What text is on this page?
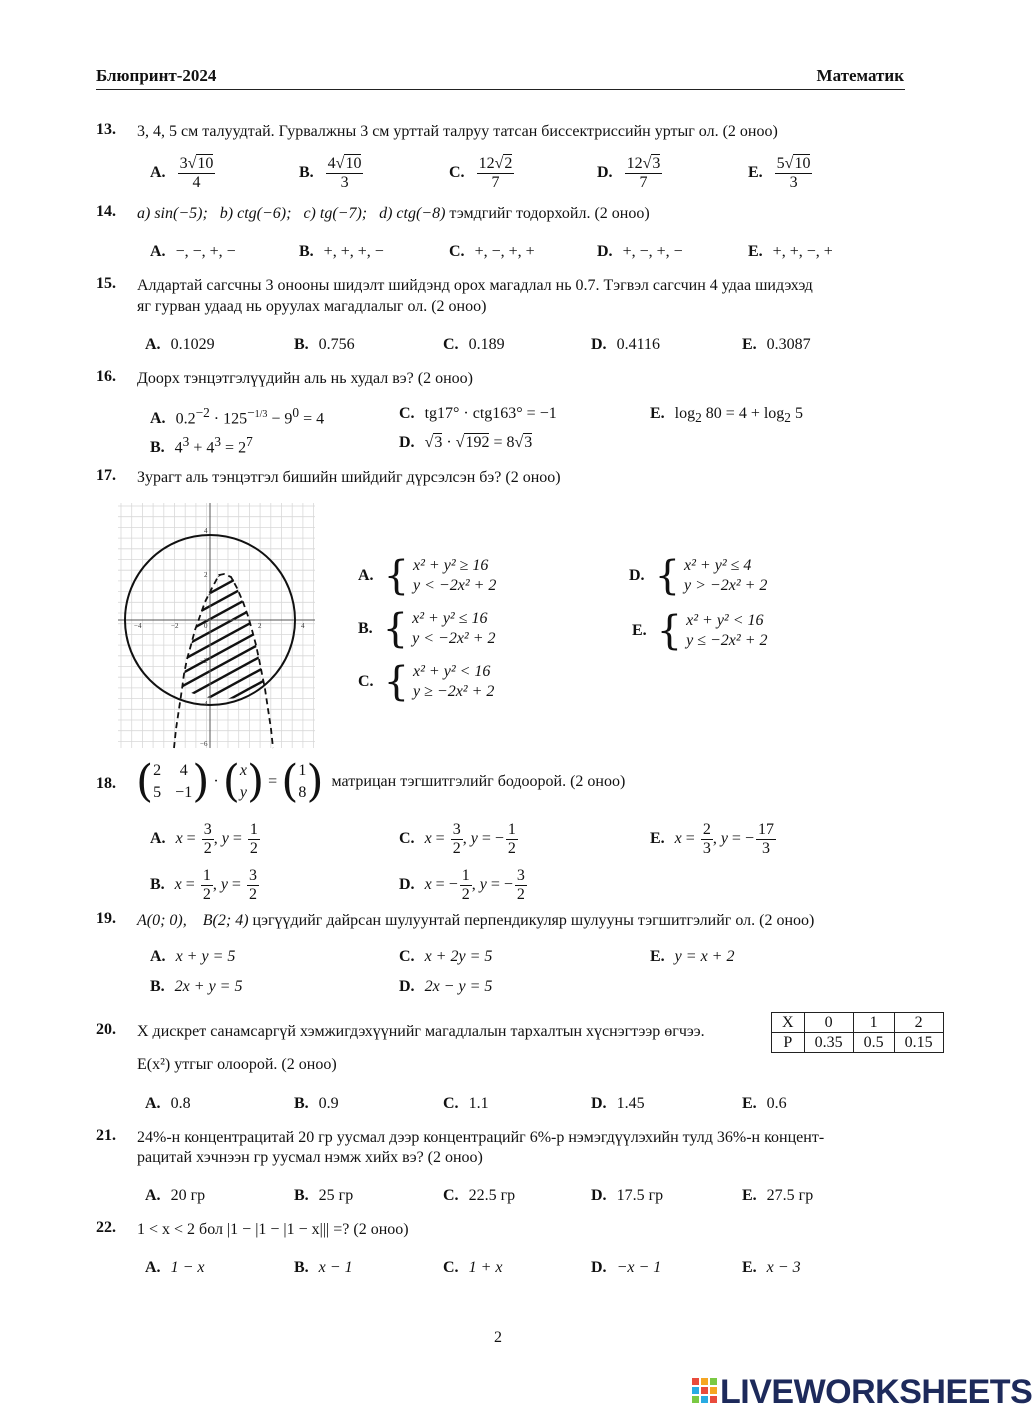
Блюпринт-2024	Математик
13. 3, 4, 5 см талуудтай. Гурвалжны 3 см урттай талруу татсан биссектриссийн уртыг ол. (2 оноо)
A. $\frac{3√10}{4}$	B. $\frac{4√10}{3}$	C. $\frac{12√2}{7}$	D. $\frac{12√3}{7}$	E. $\frac{5√10}{3}$
14. a) sin(−5); b) ctg(−6); c) tg(−7); d) ctg(−8) тэмдгийг тодорхойл. (2 оноо)
A. −, −, +, −	B. +, +, +, −	C. +, −, +, +	D. +, −, +, −	E. +, +, −, +
15. Алдартай сагсчны 3 онооны шидэлт шийдэнд орох магадлал нь 0.7. Тэгвэл сагсчин 4 удаа шидэхэд
яг гурван удаад нь оруулах магадлалыг ол. (2 оноо)
A. 0.1029	B. 0.756	C. 0.189	D. 0.4116	E. 0.3087
16. Доорх тэнцэтгэлүүдийн аль нь худал вэ? (2 оноо)
A. $0.2^{-2} \cdot 125^{-1/3} - 9^0 = 4$
B. $4^3 + 4^3 = 2^7$
C. tg17° · ctg163° = −1
D. √3 · √192 = 8√3
E. $\log_2 80 = 4 + \log_2 5$
17. Зурагт аль тэнцэтгэл бишийн шийдийг дүрсэлсэн бэ? (2 оноо)
−4	−2	0	2	4
4
2
−2
−4
−6
A. { x² + y² ≥ 16
y < −2x² + 2
B. { x² + y² ≤ 16
y < −2x² + 2
C. { x² + y² < 16
y ≥ −2x² + 2
D. { x² + y² ≤ 4
y > −2x² + 2
E. { x² + y² < 16
y ≤ −2x² + 2
18. ( 2 4
5 −1 ) · ( x
y ) = ( 1
8 ) матрицан тэгшитгэлийг бодоорой. (2 оноо)
A. $x = \frac{3}{2}$ , $y = \frac{1}{2}$
B. $x = \frac{1}{2}$ , $y = \frac{3}{2}$
C. $x = \frac{3}{2}$ , y = − $\frac{1}{2}$
D. x = − $\frac{1}{2}$ , y = − $\frac{3}{2}$
E. $x = \frac{2}{3}$ , y = − $\frac{17}{3}$
19. A(0; 0), B(2; 4) цэгүүдийг дайрсан шулуунтай перпендикуляр шулууны тэгшитгэлийг ол. (2 оноо)
A. x + y = 5
B. 2x + y = 5
C. x + 2y = 5
D. 2x − y = 5
E. y = x + 2
20. X дискрет санамсаргүй хэмжигдэхүүнийг магадлалын тархалтын хүснэгтээр өгчээ.
X	0	1	2
P	0.35	0.5	0.15
E(x²) утгыг олоорой. (2 оноо)
A. 0.8	B. 0.9	C. 1.1	D. 1.45	E. 0.6
21. 24%-н концентрацитай 20 гр уусмал дээр концентрацийг 6%-р нэмэгдүүлэхийн тулд 36%-н концент-
рацитай хэчнээн гр уусмал нэмж хийх вэ? (2 оноо)
A. 20 гр	B. 25 гр	C. 22.5 гр	D. 17.5 гр	E. 27.5 гр
22. 1 < x < 2 бол |1 − |1 − |1 − x||| =? (2 оноо)
A. 1 − x	B. x − 1	C. 1 + x	D. −x − 1	E. x − 3
2
LIVEWORKSHEETS
